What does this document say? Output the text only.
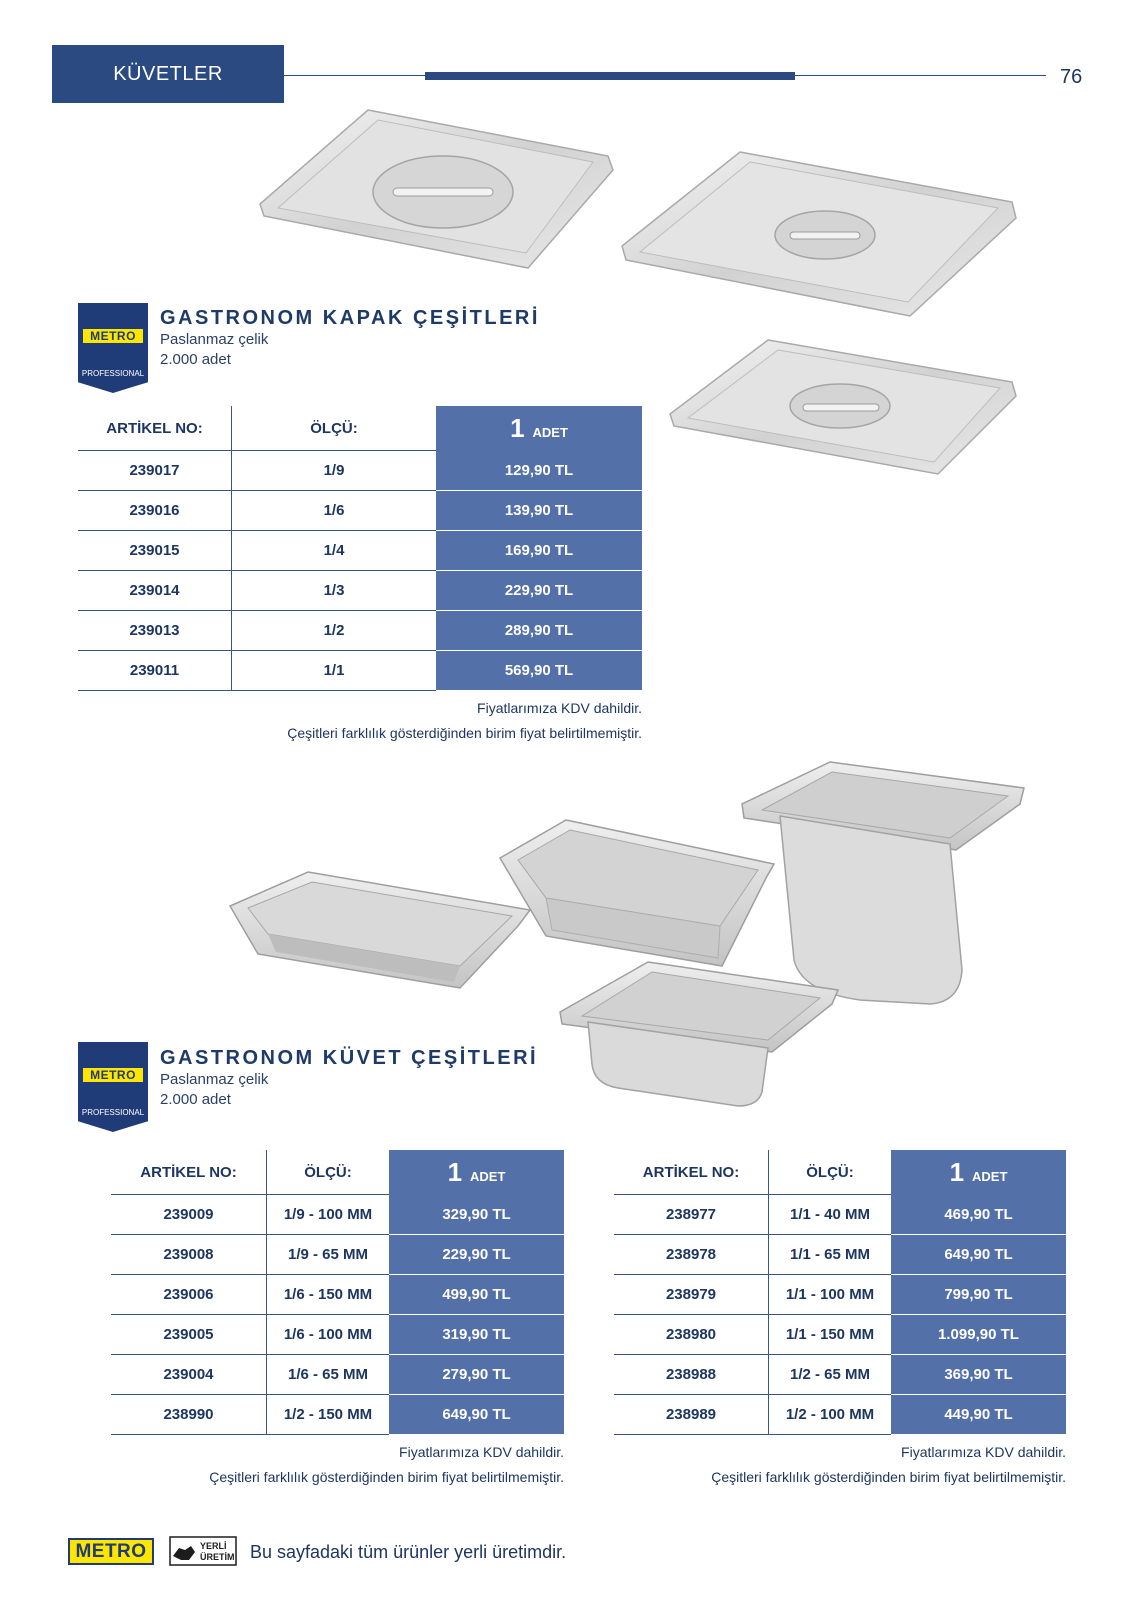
KÜVETLER	76
METRO
PROFESSIONAL
GASTRONOM KAPAK ÇEŞİTLERİ
Paslanmaz çelik
2.000 adet
ARTİKEL NO:	ÖLÇÜ:	1 ADET
239017	1/9	129,90 TL
239016	1/6	139,90 TL
239015	1/4	169,90 TL
239014	1/3	229,90 TL
239013	1/2	289,90 TL
239011	1/1	569,90 TL
Fiyatlarımıza KDV dahildir.
Çeşitleri farklılık gösterdiğinden birim fiyat belirtilmemiştir.
METRO
PROFESSIONAL
GASTRONOM KÜVET ÇEŞİTLERİ
Paslanmaz çelik
2.000 adet
ARTİKEL NO:	ÖLÇÜ:	1 ADET
239009	1/9 - 100 MM	329,90 TL
239008	1/9 - 65 MM	229,90 TL
239006	1/6 - 150 MM	499,90 TL
239005	1/6 - 100 MM	319,90 TL
239004	1/6 - 65 MM	279,90 TL
238990	1/2 - 150 MM	649,90 TL
Fiyatlarımıza KDV dahildir.
Çeşitleri farklılık gösterdiğinden birim fiyat belirtilmemiştir.
ARTİKEL NO:	ÖLÇÜ:	1 ADET
238977	1/1 - 40 MM	469,90 TL
238978	1/1 - 65 MM	649,90 TL
238979	1/1 - 100 MM	799,90 TL
238980	1/1 - 150 MM	1.099,90 TL
238988	1/2 - 65 MM	369,90 TL
238989	1/2 - 100 MM	449,90 TL
Fiyatlarımıza KDV dahildir.
Çeşitleri farklılık gösterdiğinden birim fiyat belirtilmemiştir.
METRO	YERLİ
ÜRETİM Bu sayfadaki tüm ürünler yerli üretimdir.
